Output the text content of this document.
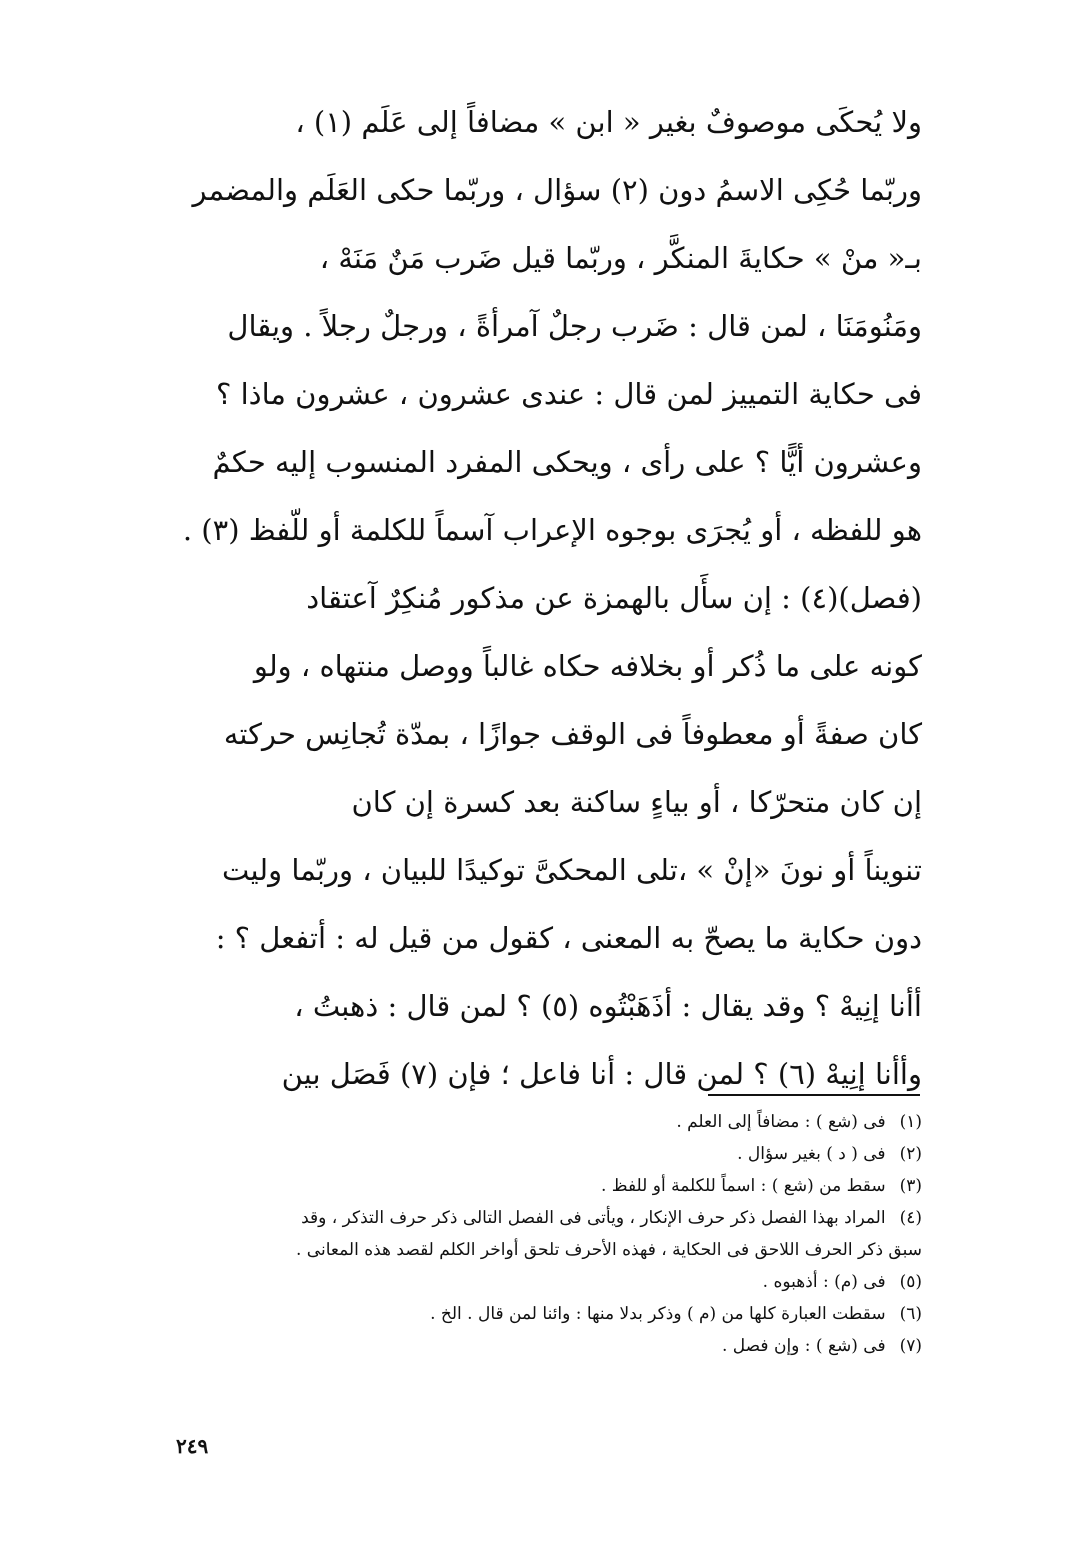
ولا يُحكَى موصوفٌ بغير « ابن » مضافاً إلى عَلَم (١) ،
وربّما حُكِى الاسمُ دون (٢) سؤال ، وربّما حكى العَلَم والمضمر
بـ« منْ » حكايةَ المنكَّر ، وربّما قيل ضَرب مَنٌ مَنَهْ ،
ومَنُومَنَا ، لمن قال : ضَرب رجلٌ آمرأةً ، ورجلٌ رجلاً . ويقال
فى حكاية التمييز لمن قال : عندى عشرون ، عشرون ماذا ؟
وعشرون أيًّا ؟ على رأى ، ويحكى المفرد المنسوب إليه حكمٌ
هو للفظه ، أو يُجرَى بوجوه الإعراب آسماً للكلمة أو للّفظ (٣) .
(فصل)(٤) : إن سأَل بالهمزة عن مذكور مُنكِرٌ آعتقاد
كونه على ما ذُكر أو بخلافه حكاه غالباً ووصل منتهاه ، ولو
كان صفةً أو معطوفاً فى الوقف جوازًا ، بمدّة تُجانِس حركته
إن كان متحرّكا ، أو بياءٍ ساكنة بعد كسرة إن كان
تنويناً أو نونَ «إنْ » ،تلى المحكىَّ توكيدًا للبيان ، وربّما وليت
دون حكاية ما يصحّ به المعنى ، كقول من قيل له : أتفعل ؟ :
أأنا إنِيهْ ؟ وقد يقال : أذَهَبْتُوه (٥) ؟ لمن قال : ذهبتُ ،
وأأنا إنِيهْ (٦) ؟ لمن قال : أنا فاعل ؛ فإن (٧) فَصَل بين
(١)فى (شع ) : مضافاً إلى العلم .
(٢)فى ( د ) بغير سؤال .
(٣)سقط من (شع ) : اسماً للكلمة أو للفظ .
(٤)المراد بهذا الفصل ذكر حرف الإنكار ، ويأتى فى الفصل التالى ذكر حرف التذكر ، وقد
سبق ذكر الحرف اللاحق فى الحكاية ، فهذه الأحرف تلحق أواخر الكلم لقصد هذه المعانى .
(٥)فى (م) : أذهبوه .
(٦)سقطت العبارة كلها من (م ) وذكر بدلا منها : وائنا لمن قال . الخ .
(٧)فى (شع ) : وإن فصل .
٢٤٩
